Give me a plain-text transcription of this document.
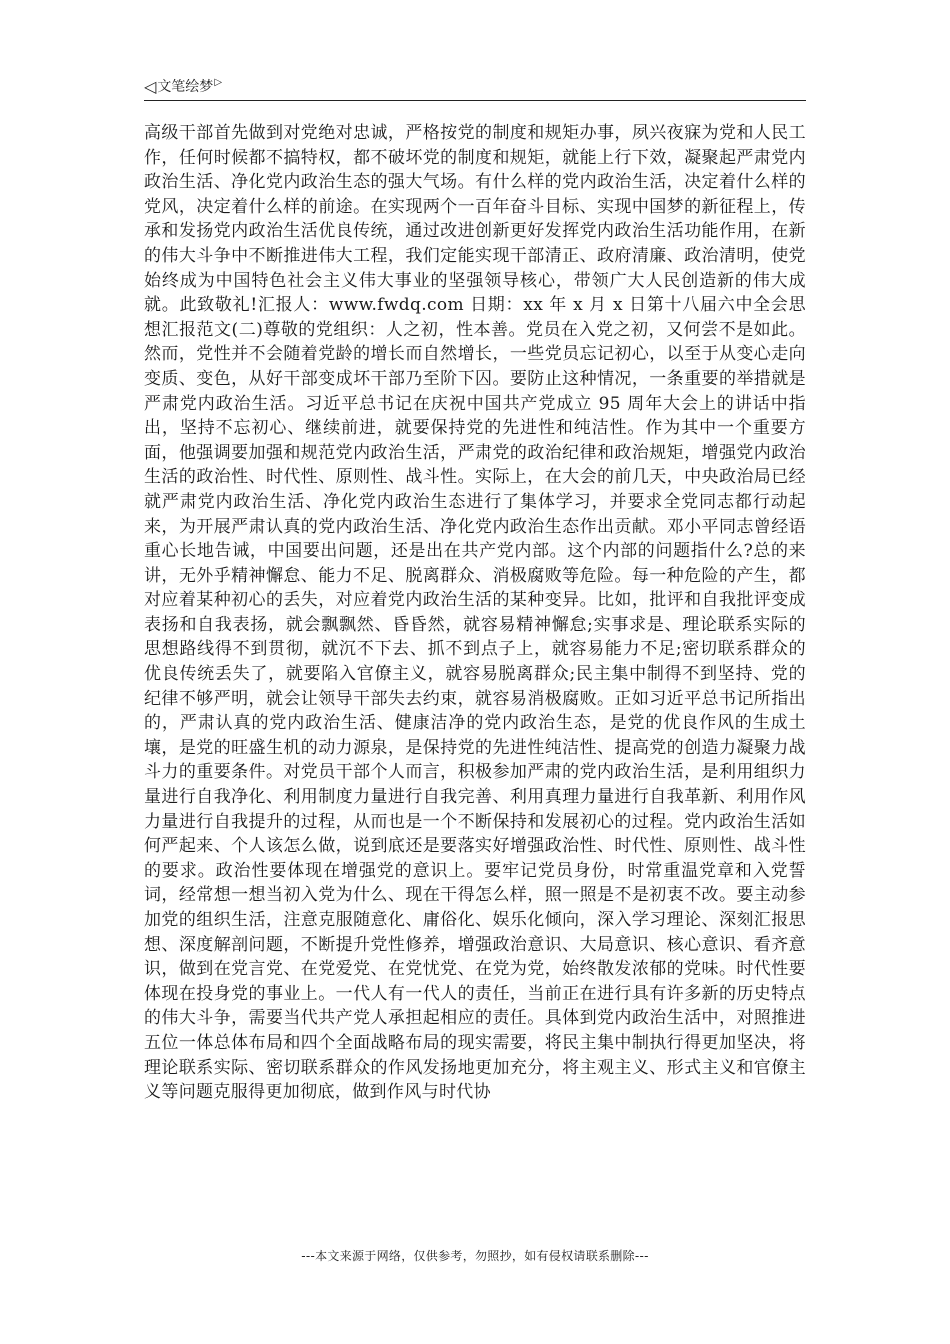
◁ 文笔绘梦 ▷
高级干部首先做到对党绝对忠诚，严格按党的制度和规矩办事，夙兴夜寐为党和人民工作，任何时候都不搞特权，都不破坏党的制度和规矩，就能上行下效，凝聚起严肃党内政治生活、净化党内政治生态的强大气场。有什么样的党内政治生活，决定着什么样的党风，决定着什么样的前途。在实现两个一百年奋斗目标、实现中国梦的新征程上，传承和发扬党内政治生活优良传统，通过改进创新更好发挥党内政治生活功能作用，在新的伟大斗争中不断推进伟大工程，我们定能实现干部清正、政府清廉、政治清明，使党始终成为中国特色社会主义伟大事业的坚强领导核心，带领广大人民创造新的伟大成就。此致敬礼!汇报人：www.fwdq.com 日期：xx 年 x 月 x 日第十八届六中全会思想汇报范文(二)尊敬的党组织：人之初，性本善。党员在入党之初，又何尝不是如此。然而，党性并不会随着党龄的增长而自然增长，一些党员忘记初心，以至于从变心走向变质、变色，从好干部变成坏干部乃至阶下囚。要防止这种情况，一条重要的举措就是严肃党内政治生活。习近平总书记在庆祝中国共产党成立 95 周年大会上的讲话中指出，坚持不忘初心、继续前进，就要保持党的先进性和纯洁性。作为其中一个重要方面，他强调要加强和规范党内政治生活，严肃党的政治纪律和政治规矩，增强党内政治生活的政治性、时代性、原则性、战斗性。实际上，在大会的前几天，中央政治局已经就严肃党内政治生活、净化党内政治生态进行了集体学习，并要求全党同志都行动起来，为开展严肃认真的党内政治生活、净化党内政治生态作出贡献。邓小平同志曾经语重心长地告诫，中国要出问题，还是出在共产党内部。这个内部的问题指什么?总的来讲，无外乎精神懈怠、能力不足、脱离群众、消极腐败等危险。每一种危险的产生，都对应着某种初心的丢失，对应着党内政治生活的某种变异。比如，批评和自我批评变成表扬和自我表扬，就会飘飘然、昏昏然，就容易精神懈怠;实事求是、理论联系实际的思想路线得不到贯彻，就沉不下去、抓不到点子上，就容易能力不足;密切联系群众的优良传统丢失了，就要陷入官僚主义，就容易脱离群众;民主集中制得不到坚持、党的纪律不够严明，就会让领导干部失去约束，就容易消极腐败。正如习近平总书记所指出的，严肃认真的党内政治生活、健康洁净的党内政治生态，是党的优良作风的生成土壤，是党的旺盛生机的动力源泉，是保持党的先进性纯洁性、提高党的创造力凝聚力战斗力的重要条件。对党员干部个人而言，积极参加严肃的党内政治生活，是利用组织力量进行自我净化、利用制度力量进行自我完善、利用真理力量进行自我革新、利用作风力量进行自我提升的过程，从而也是一个不断保持和发展初心的过程。党内政治生活如何严起来、个人该怎么做，说到底还是要落实好增强政治性、时代性、原则性、战斗性的要求。政治性要体现在增强党的意识上。要牢记党员身份，时常重温党章和入党誓词，经常想一想当初入党为什么、现在干得怎么样，照一照是不是初衷不改。要主动参加党的组织生活，注意克服随意化、庸俗化、娱乐化倾向，深入学习理论、深刻汇报思想、深度解剖问题，不断提升党性修养，增强政治意识、大局意识、核心意识、看齐意识，做到在党言党、在党爱党、在党忧党、在党为党，始终散发浓郁的党味。时代性要体现在投身党的事业上。一代人有一代人的责任，当前正在进行具有许多新的历史特点的伟大斗争，需要当代共产党人承担起相应的责任。具体到党内政治生活中，对照推进五位一体总体布局和四个全面战略布局的现实需要，将民主集中制执行得更加坚决，将理论联系实际、密切联系群众的作风发扬地更加充分，将主观主义、形式主义和官僚主义等问题克服得更加彻底，做到作风与时代协
---本文来源于网络，仅供参考，勿照抄，如有侵权请联系删除---
